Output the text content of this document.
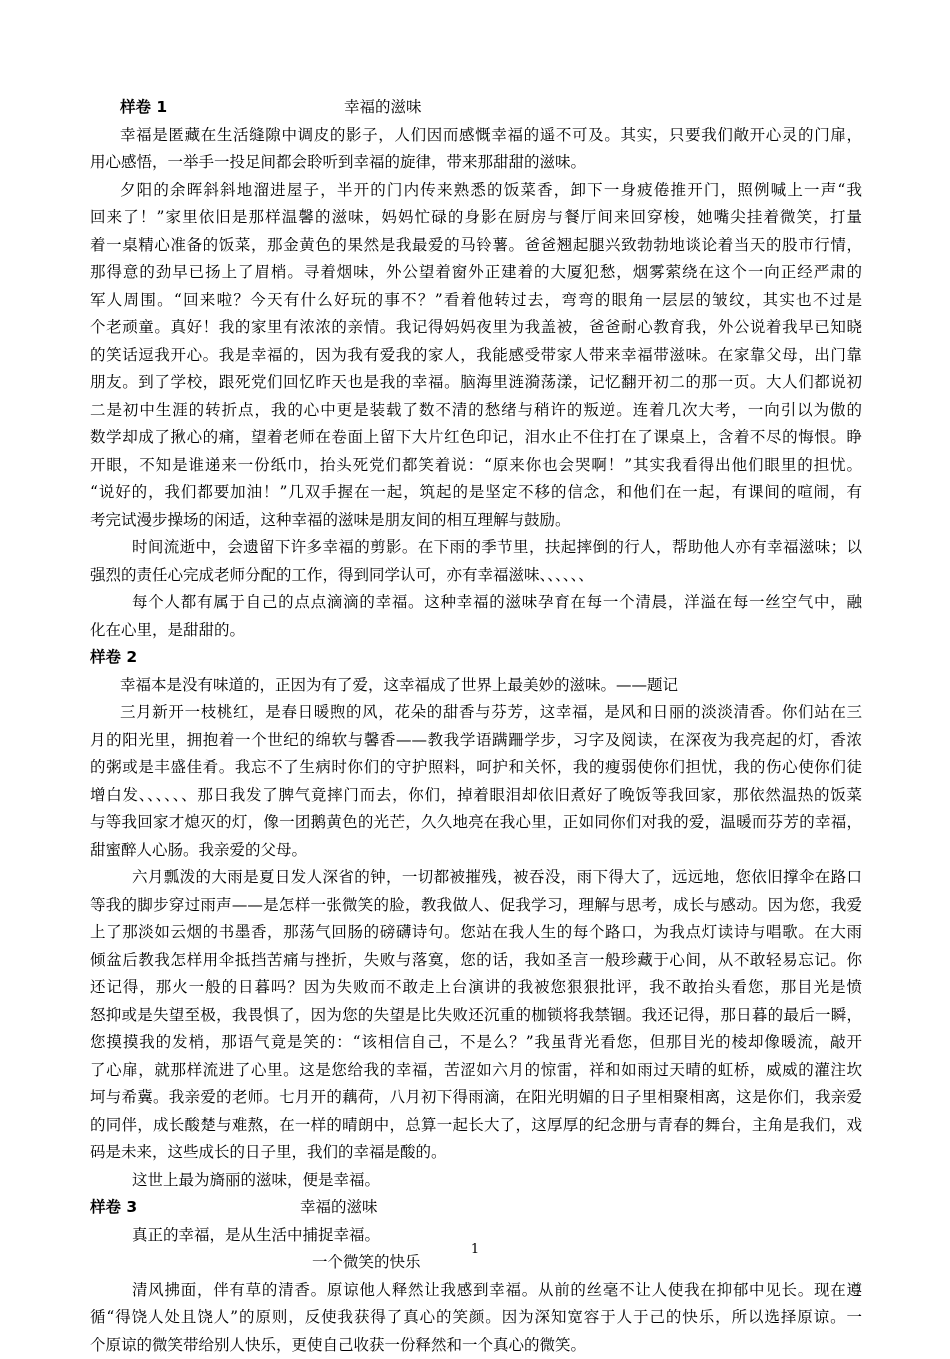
样卷 1	幸福的滋味
幸福是匿藏在生活缝隙中调皮的影子，人们因而感慨幸福的遥不可及。其实，只要我们敞开心灵的门扉，
用心感悟，一举手一投足间都会聆听到幸福的旋律，带来那甜甜的滋味。
夕阳的余晖斜斜地溜进屋子，半开的门内传来熟悉的饭菜香，卸下一身疲倦推开门，照例喊上一声“我
回来了！”家里依旧是那样温馨的滋味，妈妈忙碌的身影在厨房与餐厅间来回穿梭，她嘴尖挂着微笑，打量
着一桌精心准备的饭菜，那金黄色的果然是我最爱的马铃薯。爸爸翘起腿兴致勃勃地谈论着当天的股市行情，
那得意的劲早已扬上了眉梢。寻着烟味，外公望着窗外正建着的大厦犯愁，烟雾萦绕在这个一向正经严肃的
军人周围。“回来啦？今天有什么好玩的事不？”看着他转过去，弯弯的眼角一层层的皱纹，其实也不过是
个老顽童。真好！我的家里有浓浓的亲情。我记得妈妈夜里为我盖被，爸爸耐心教育我，外公说着我早已知晓
的笑话逗我开心。我是幸福的，因为我有爱我的家人，我能感受带家人带来幸福带滋味。在家靠父母，出门靠
朋友。到了学校，跟死党们回忆昨天也是我的幸福。脑海里涟漪荡漾，记忆翻开初二的那一页。大人们都说初
二是初中生涯的转折点，我的心中更是装载了数不清的愁绪与稍许的叛逆。连着几次大考，一向引以为傲的
数学却成了揪心的痛，望着老师在卷面上留下大片红色印记，泪水止不住打在了课桌上，含着不尽的悔恨。睁
开眼，不知是谁递来一份纸巾，抬头死党们都笑着说：“原来你也会哭啊！”其实我看得出他们眼里的担忧。
“说好的，我们都要加油！”几双手握在一起，筑起的是坚定不移的信念，和他们在一起，有课间的喧闹，有
考完试漫步操场的闲适，这种幸福的滋味是朋友间的相互理解与鼓励。
时间流逝中，会遗留下许多幸福的剪影。在下雨的季节里，扶起摔倒的行人，帮助他人亦有幸福滋味；以
强烈的责任心完成老师分配的工作，得到同学认可，亦有幸福滋味、、、、、、
每个人都有属于自己的点点滴滴的幸福。这种幸福的滋味孕育在每一个清晨，洋溢在每一丝空气中，融
化在心里，是甜甜的。
样卷 2
幸福本是没有味道的，正因为有了爱，这幸福成了世界上最美妙的滋味。——题记
三月新开一枝桃红，是春日暖煦的风，花朵的甜香与芬芳，这幸福，是风和日丽的淡淡清香。你们站在三
月的阳光里，拥抱着一个世纪的绵软与馨香——教我学语蹒跚学步，习字及阅读，在深夜为我亮起的灯，香浓
的粥或是丰盛佳肴。我忘不了生病时你们的守护照料，呵护和关怀，我的瘦弱使你们担忧，我的伤心使你们徒
增白发、、、、、、那日我发了脾气竟摔门而去，你们，掉着眼泪却依旧煮好了晚饭等我回家，那依然温热的饭菜
与等我回家才熄灭的灯，像一团鹅黄色的光芒，久久地亮在我心里，正如同你们对我的爱，温暖而芬芳的幸福，
甜蜜醉人心肠。我亲爱的父母。
六月瓢泼的大雨是夏日发人深省的钟，一切都被摧残，被吞没，雨下得大了，远远地，您依旧撑伞在路口
等我的脚步穿过雨声——是怎样一张微笑的脸，教我做人、促我学习，理解与思考，成长与感动。因为您，我爱
上了那淡如云烟的书墨香，那荡气回肠的磅礴诗句。您站在我人生的每个路口，为我点灯读诗与唱歌。在大雨
倾盆后教我怎样用伞抵挡苦痛与挫折，失败与落寞，您的话，我如圣言一般珍藏于心间，从不敢轻易忘记。你
还记得，那火一般的日暮吗？因为失败而不敢走上台演讲的我被您狠狠批评，我不敢抬头看您，那目光是愤
怒抑或是失望至极，我畏惧了，因为您的失望是比失败还沉重的枷锁将我禁锢。我还记得，那日暮的最后一瞬，
您摸摸我的发梢，那语气竟是笑的：“该相信自己，不是么？”我虽背光看您，但那目光的棱却像暖流，敲开
了心扉，就那样流进了心里。这是您给我的幸福，苦涩如六月的惊雷，祥和如雨过天晴的虹桥，威威的灌注坎
坷与希冀。我亲爱的老师。七月开的藕荷，八月初下得雨滴，在阳光明媚的日子里相聚相离，这是你们，我亲爱
的同伴，成长酸楚与难熬，在一样的晴朗中，总算一起长大了，这厚厚的纪念册与青春的舞台，主角是我们，戏
码是未来，这些成长的日子里，我们的幸福是酸的。
这世上最为旖丽的滋味，便是幸福。
样卷 3	幸福的滋味
真正的幸福，是从生活中捕捉幸福。
一个微笑的快乐
清风拂面，伴有草的清香。原谅他人释然让我感到幸福。从前的丝毫不让人使我在抑郁中见长。现在遵
循“得饶人处且饶人”的原则，反使我获得了真心的笑颜。因为深知宽容于人于己的快乐，所以选择原谅。一
个原谅的微笑带给别人快乐，更使自己收获一份释然和一个真心的微笑。
1
